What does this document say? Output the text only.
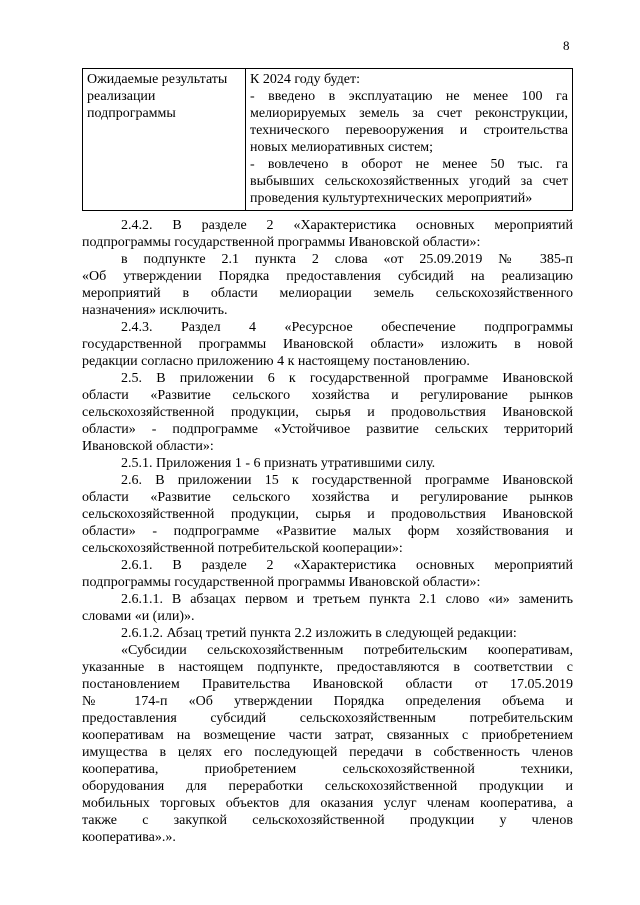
8
Ожидаемые результаты
реализации
подпрограммы

К 2024 году будет:
- введено в эксплуатацию не менее 100 га
мелиорируемых земель за счет реконструкции,
технического перевооружения и строительства
новых мелиоративных систем;
- вовлечено в оборот не менее 50 тыс. га
выбывших сельскохозяйственных угодий за счет
проведения культуртехнических мероприятий»
2.4.2. В разделе 2 «Характеристика основных мероприятий
подпрограммы государственной программы Ивановской области»:
в подпункте 2.1 пункта 2 слова «от 25.09.2019 № 385-п
«Об утверждении Порядка предоставления субсидий на реализацию
мероприятий в области мелиорации земель сельскохозяйственного
назначения» исключить.
2.4.3. Раздел 4 «Ресурсное обеспечение подпрограммы
государственной программы Ивановской области» изложить в новой
редакции согласно приложению 4 к настоящему постановлению.
2.5. В приложении 6 к государственной программе Ивановской
области «Развитие сельского хозяйства и регулирование рынков
сельскохозяйственной продукции, сырья и продовольствия Ивановской
области» - подпрограмме «Устойчивое развитие сельских территорий
Ивановской области»:
2.5.1. Приложения 1 - 6 признать утратившими силу.
2.6. В приложении 15 к государственной программе Ивановской
области «Развитие сельского хозяйства и регулирование рынков
сельскохозяйственной продукции, сырья и продовольствия Ивановской
области» - подпрограмме «Развитие малых форм хозяйствования и
сельскохозяйственной потребительской кооперации»:
2.6.1. В разделе 2 «Характеристика основных мероприятий
подпрограммы государственной программы Ивановской области»:
2.6.1.1. В абзацах первом и третьем пункта 2.1 слово «и» заменить
словами «и (или)».
2.6.1.2. Абзац третий пункта 2.2 изложить в следующей редакции:
«Субсидии сельскохозяйственным потребительским кооперативам,
указанные в настоящем подпункте, предоставляются в соответствии с
постановлением Правительства Ивановской области от 17.05.2019
№ 174-п «Об утверждении Порядка определения объема и
предоставления субсидий сельскохозяйственным потребительским
кооперативам на возмещение части затрат, связанных с приобретением
имущества в целях его последующей передачи в собственность членов
кооператива, приобретением сельскохозяйственной техники,
оборудования для переработки сельскохозяйственной продукции и
мобильных торговых объектов для оказания услуг членам кооператива, а
также с закупкой сельскохозяйственной продукции у членов
кооператива».».
